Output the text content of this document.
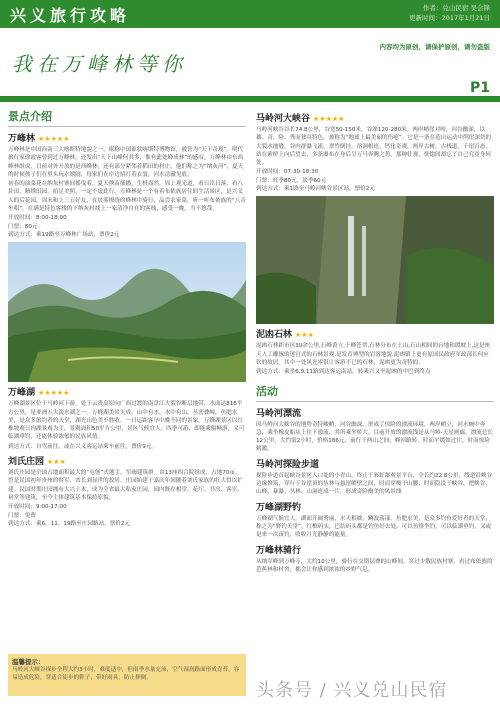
兴义旅行攻略	作者：兑山民宿 吴会锋
更新时间：2017年1月21日
内容均为原创，请保护原创，请勿盗版
我在万峰林等你
P1
景点介绍
万峰林 ★★★★★

万峰林是中国西南三大喀斯特地貌之一，堪称中国锥状喀斯特博物馆，被誉为“天下奇观”。明代旅行家徐霞客曾到过万峰林，还发出“天下山峰何其多，惟有此处峰成林”的感叹。万峰林由东西峰林组成，目前对外开放的是西峰林，还有部分紧邻着稻田的村庄，他们称之为“纳灰河”，夏天的时候孩子们在里头玩水嬉闹，每家们在岸边招打着衣裳，河水清澈见底。

初春的油菜花在纳灰村寨间摇曳着，夏天秧苗插播，生机盎然。周上观光道，看日出日落，看八卦田，精绣田园，拍足美照，一定不虚此行。万峰林是一个有着布依族居住的生活景区，是兴义人的后花园，周末和上三五好友，在晨雾缭绕的峰林中骑行，品尝农家菜，听一听布依族的“八音坐唱”，在满是特色客栈的下纳灰村找上一家清净自在的客栈，感受一晚，当不悠哉。

开放时间：8:00-18:00
门票：80元
到达方式：乘19路至万峰林广场站，票价2元
万峰湖 ★★★★★

万峰湖景区位于马岭河下游，处于云贵高原向广西过渡的南盘江大裂谷断层地带，水面达816平方公里，是亚洲五大淡水湖之一。万峰湖美景天成，山中有水，水中有山，丛峦叠嶂，鱼肥水美，是众多旅钓者的天堂，湖光山色美不胜收。一日运距客早中晚不同的景象。万峰湖景区以红椎坡观日内湖景观为主，景观面积50平方公里，景区气候宜人，四季可游，即能乘船畅游，又可临湖垂钓，还能体验浓郁的民族风情。

到达方式：自驾前往，或在兴义客运站乘车前往，票价9元。
刘氏庄园 ★★★

刘氏庄园是全国占地面积最大的“屯堡”式地主、军阀建筑群。由13座四合院组成，占地70亩，曾是民国初年贵州的督军、省长刘显世的故居。庄园始建于嘉庆年间随着刘氏家族的壮大得以扩建。民国时期庄园拥有大兴土木，成为全省最大私家庄园，园内既存相堂、花厅、书房、客室、祠堂等建筑，至今主体建筑基本保持原貌。

开放时间：9:00-17:00
门票：免费
到达方式：乘6，11，19路至庄园路站，票价2元
马岭河大峡谷 ★★★★★

马岭河峡谷谷长74.8公里，谷宽50-150米，谷深120-280米。两岸峭崖对峙，河谷幽深，以雄、奇、险、秀而独具特色，被称为“地球上最美丽的伤疤”。它是一条在造山运动中削崖深切的大裂水地缝，谷内群瀑飞流，翠竹倒挂，溶洞相连，钙化奇观，两岸古树，古栈道，千崖百态。站在索桥上向后望去，多条瀑布在身后呈万马奔腾之势，那种壮观，恍惚间却忘了自己究竟身何处。

开放时间：07:30-18:30
门票：旺季80元，淡季60元
到达方式：乘1路至马岭河峡谷景区站，票价2元
泥凼石林 ★★★

泥凼石林距市区30余公里,石峰黄立,千峰苍翠,石林分布在土山,石山相间的台地和缓坡上,这是座天人工雕琢的迷宫式的石林景观,是发育典型的岩溶地貌.泥凼镇上更有原国民政府军政部长何应钦的故居。其中一处风光零很让客游不已的石林，泥凼更为奇特的。

到达方式：乘坐6,9,11路到达客运南站，转乘兴义至泥凼的中巴到终点
活动
马岭河漂流

因马岭河大峡谷的地势奇特峻峭，河谷幽深，形成了惊险的漂流环境。两岸峭立，河水蜿中奔急，乘坐橡皮船从上往下漂流，其所乘坐桥大。目前开放的漂流线是从马岭-天星画廊，漂流总长12公里，大约需2小时，价格186元，前行于两山之间，峰回路转，时而平缓如过往，时而惊险刺激。

马岭河探险步道

探险步道首起峡谷景区入口处的小青山，终止于彩虹瀑观景平台，全长约22.8公里，线道沿峡谷边缘修筑，穿行于谷崖顶的丛林与悬崖峭壁之间，时而穿梭于山腰，时而隐没于峡谷，把峡谷、山峰、暴瀑、丛林、山洞连成一片，形成奇险幽美的风景线

万峰湖野钓

万峰湖气候宜人，湖面开阔秀丽，水天相映，鳞波荡漾，鱼肥水美，是众多钓鱼爱好者的天堂，称之为“野钓天堂”，红椎码头，巴结码头都是钓鱼好去处。可以鱼排坐钓，可以临湖垂钓，又或是来一次夜钓，收收月光静静的能量。

万峰林骑行

从纳军峰到万峰寺，大约10公里，骑行在交错层叠的山峰间，穿过少数民族村寨，看过布依族的芭蕉林和村舍，都会让你感到浓浓的乡野气息。

温馨提示：
马岭河大峡谷探步全程大约3小时，难度适中，但雨季水量充沛，空气湿润路面形成青苔，容易造成危险，穿适合徒步的鞋子，带好雨具，防止摔倒。
头条号 / 兴义兑山民宿
